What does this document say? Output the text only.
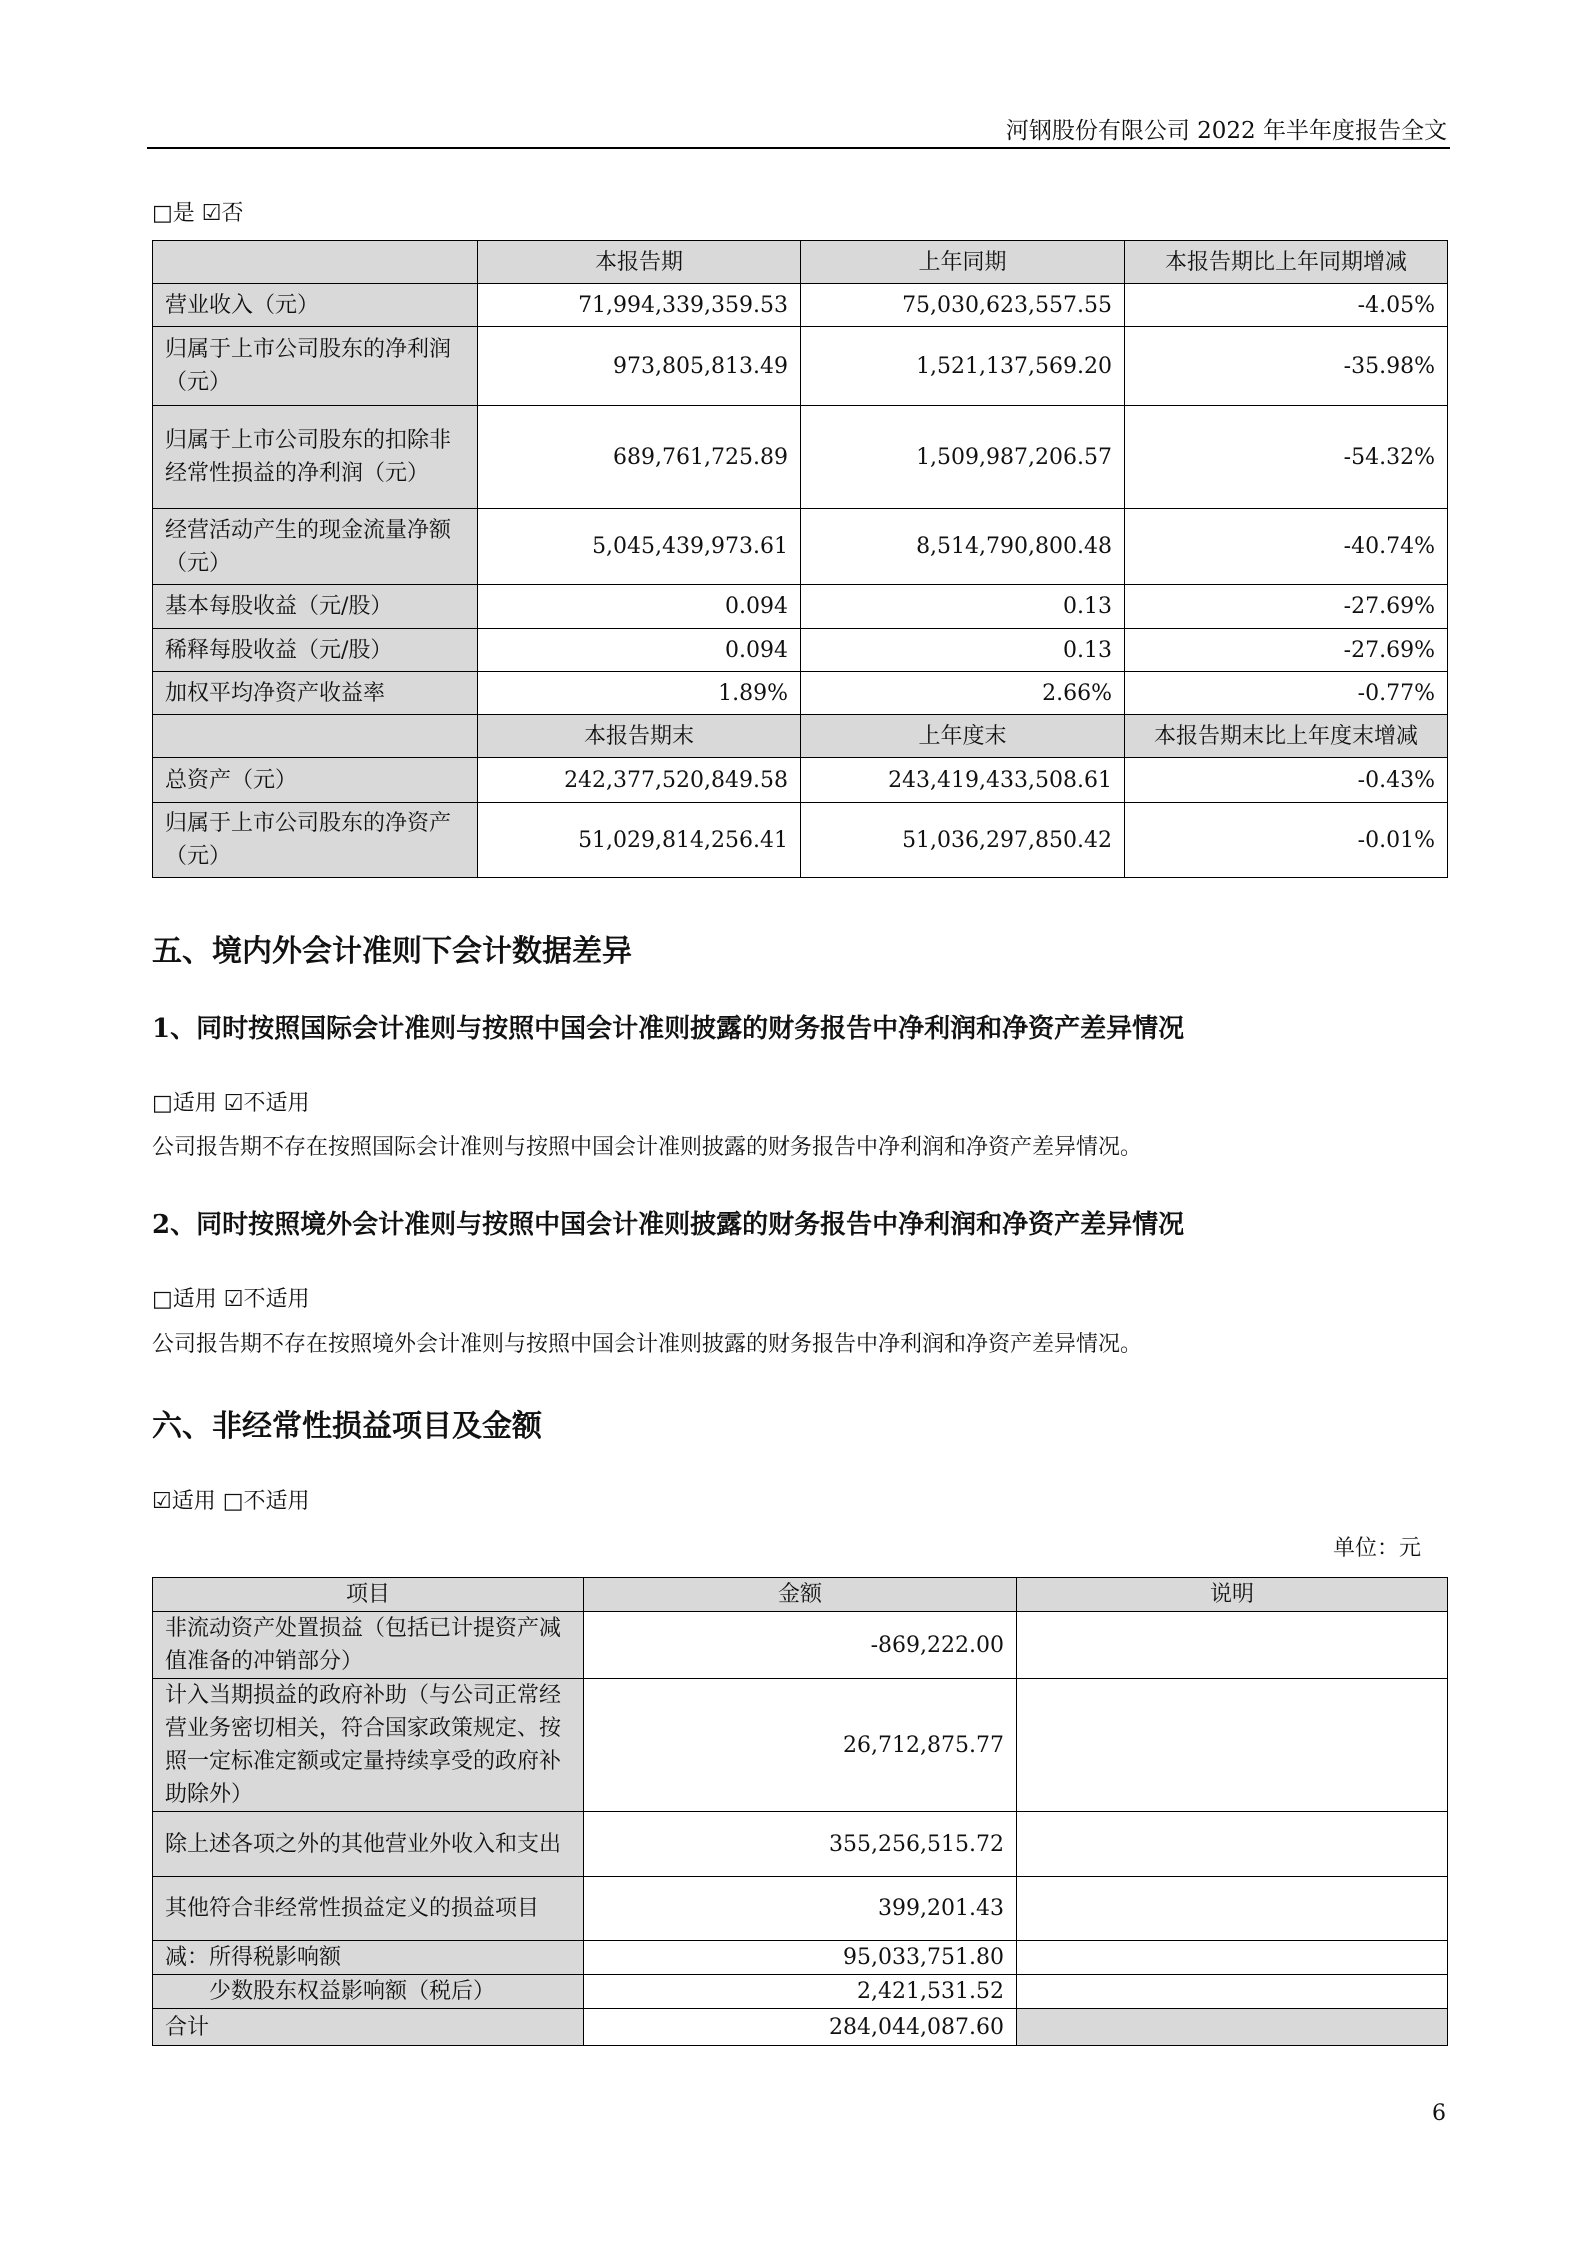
河钢股份有限公司 2022 年半年度报告全文
□是 ☑否
	本报告期	上年同期	本报告期比上年同期增减
营业收入（元）	71,994,339,359.53	75,030,623,557.55	-4.05%
归属于上市公司股东的净利润（元）	973,805,813.49	1,521,137,569.20	-35.98%
归属于上市公司股东的扣除非经常性损益的净利润（元）	689,761,725.89	1,509,987,206.57	-54.32%
经营活动产生的现金流量净额（元）	5,045,439,973.61	8,514,790,800.48	-40.74%
基本每股收益（元/股）	0.094	0.13	-27.69%
稀释每股收益（元/股）	0.094	0.13	-27.69%
加权平均净资产收益率	1.89%	2.66%	-0.77%
	本报告期末	上年度末	本报告期末比上年度末增减
总资产（元）	242,377,520,849.58	243,419,433,508.61	-0.43%
归属于上市公司股东的净资产（元）	51,029,814,256.41	51,036,297,850.42	-0.01%
五、境内外会计准则下会计数据差异
1、同时按照国际会计准则与按照中国会计准则披露的财务报告中净利润和净资产差异情况
□适用 ☑不适用
公司报告期不存在按照国际会计准则与按照中国会计准则披露的财务报告中净利润和净资产差异情况。
2、同时按照境外会计准则与按照中国会计准则披露的财务报告中净利润和净资产差异情况
□适用 ☑不适用
公司报告期不存在按照境外会计准则与按照中国会计准则披露的财务报告中净利润和净资产差异情况。
六、非经常性损益项目及金额
☑适用 □不适用
单位：元
项目	金额	说明
非流动资产处置损益（包括已计提资产减值准备的冲销部分）	-869,222.00	
计入当期损益的政府补助（与公司正常经营业务密切相关，符合国家政策规定、按照一定标准定额或定量持续享受的政府补助除外）	26,712,875.77	
除上述各项之外的其他营业外收入和支出	355,256,515.72	
其他符合非经常性损益定义的损益项目	399,201.43	
减：所得税影响额	95,033,751.80	
　　少数股东权益影响额（税后）	2,421,531.52	
合计	284,044,087.60	
6
